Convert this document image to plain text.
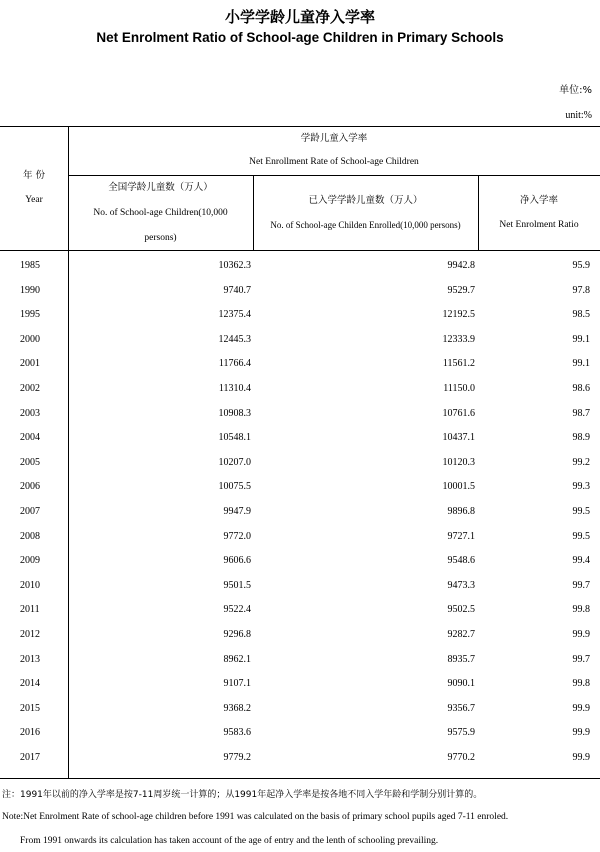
小学学龄儿童净入学率
Net Enrolment Ratio of School-age Children in Primary Schools
单位:%
unit:%
年 份
Year
学龄儿童入学率
Net Enrollment Rate of School-age Children
全国学龄儿童数（万人）
No. of School-age Children(10,000
persons)
已入学学龄儿童数（万人）
No. of School-age Childen Enrolled(10,000 persons)
净入学率
Net Enrolment Ratio
1985	10362.3	9942.8	95.9
1990	9740.7	9529.7	97.8
1995	12375.4	12192.5	98.5
2000	12445.3	12333.9	99.1
2001	11766.4	11561.2	99.1
2002	11310.4	11150.0	98.6
2003	10908.3	10761.6	98.7
2004	10548.1	10437.1	98.9
2005	10207.0	10120.3	99.2
2006	10075.5	10001.5	99.3
2007	9947.9	9896.8	99.5
2008	9772.0	9727.1	99.5
2009	9606.6	9548.6	99.4
2010	9501.5	9473.3	99.7
2011	9522.4	9502.5	99.8
2012	9296.8	9282.7	99.9
2013	8962.1	8935.7	99.7
2014	9107.1	9090.1	99.8
2015	9368.2	9356.7	99.9
2016	9583.6	9575.9	99.9
2017	9779.2	9770.2	99.9
注：1991年以前的净入学率是按7-11周岁统一计算的；从1991年起净入学率是按各地不同入学年龄和学制分别计算的。
Note:Net Enrolment Rate of school-age children before 1991 was calculated on the basis of primary school pupils aged 7-11 enroled.
From 1991 onwards its calculation has taken account of the age of entry and the lenth of schooling prevailing.
